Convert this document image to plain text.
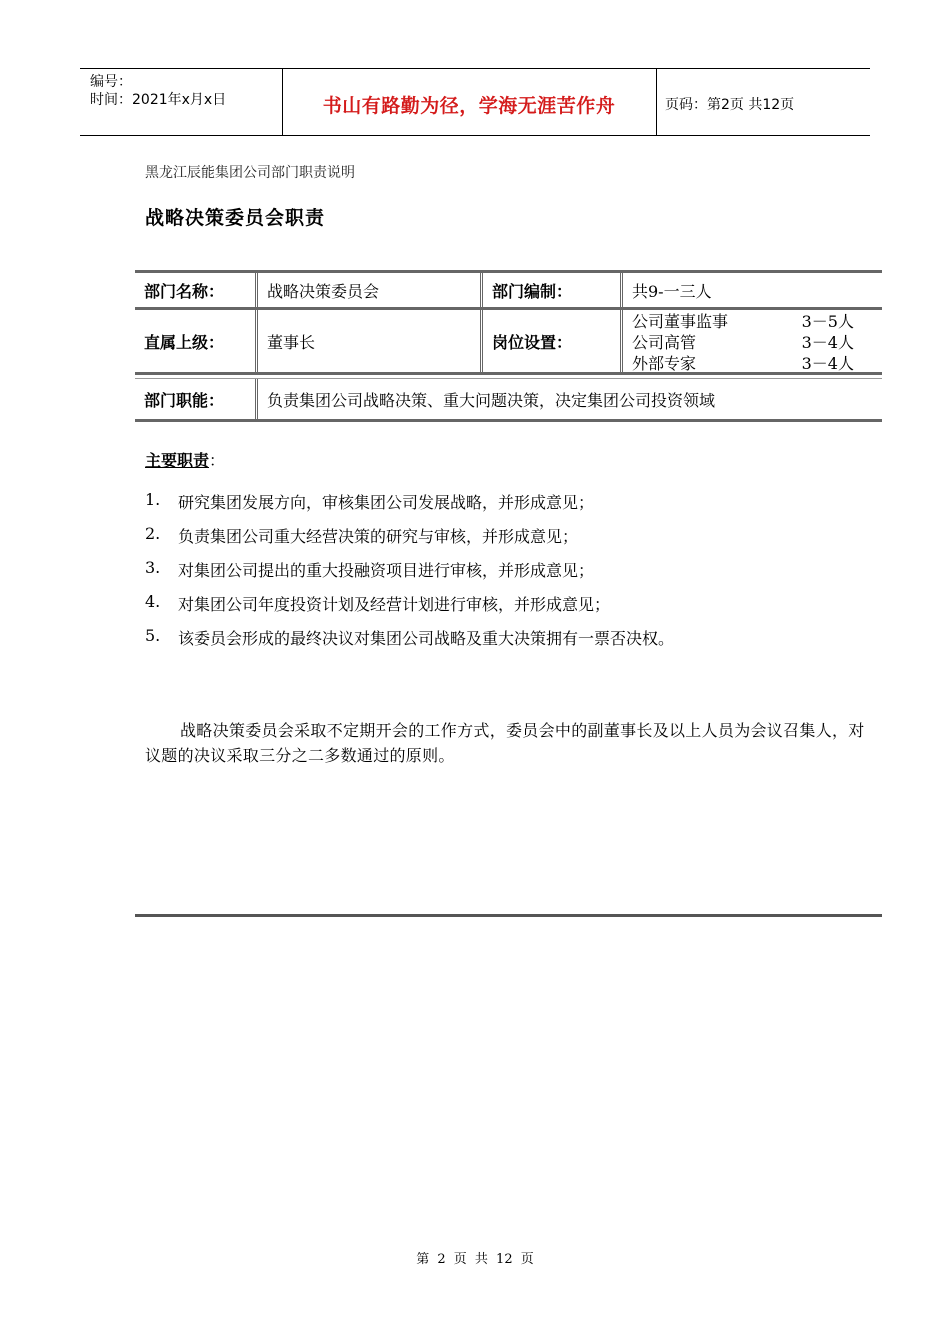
编号：
时间：2021年x月x日	书山有路勤为径，学海无涯苦作舟	页码：第2页 共12页
黑龙江辰能集团公司部门职责说明
战略决策委员会职责
部门名称：	战略决策委员会	部门编制：	共9-一三人
直属上级：	董事长	岗位设置：
公司董事监事	3－5人
公司高管	3－4人
外部专家	3－4人
部门职能：	负责集团公司战略决策、重大问题决策，决定集团公司投资领域
主要职责：
1.	研究集团发展方向，审核集团公司发展战略，并形成意见；
2.	负责集团公司重大经营决策的研究与审核，并形成意见；
3.	对集团公司提出的重大投融资项目进行审核，并形成意见；
4.	对集团公司年度投资计划及经营计划进行审核，并形成意见；
5.	该委员会形成的最终决议对集团公司战略及重大决策拥有一票否决权。

战略决策委员会采取不定期开会的工作方式，委员会中的副董事长及以上人员为会议召集人，对议题的决议采取三分之二多数通过的原则。

第 2 页 共 12 页
